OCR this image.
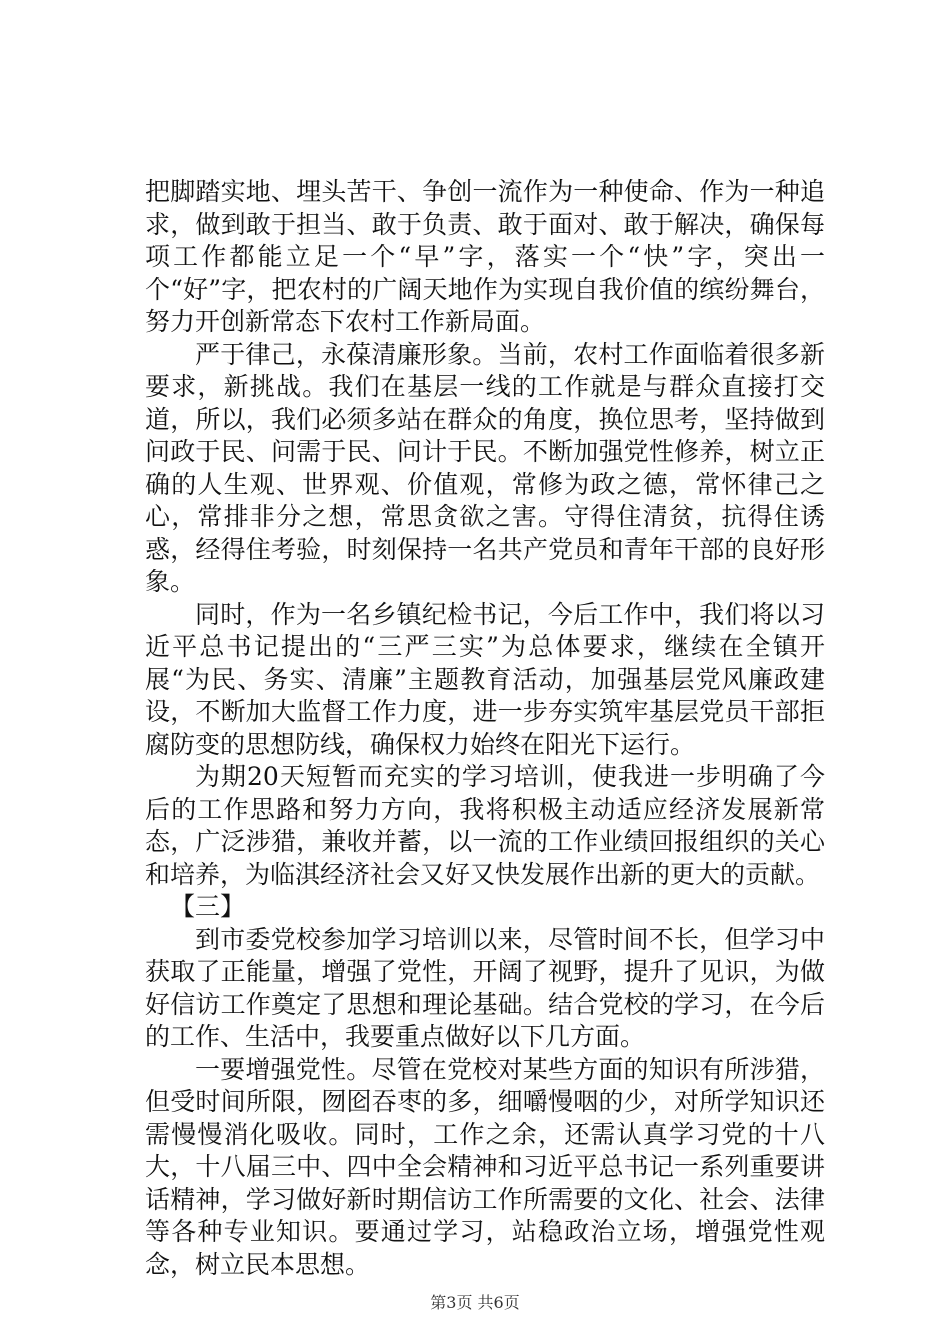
把脚踏实地、埋头苦干、争创一流作为一种使命、作为一种追求，做到敢于担当、敢于负责、敢于面对、敢于解决，确保每项工作都能立足一个“早”字，落实一个“快”字，突出一个“好”字，把农村的广阔天地作为实现自我价值的缤纷舞台，努力开创新常态下农村工作新局面。

严于律己，永葆清廉形象。当前，农村工作面临着很多新要求，新挑战。我们在基层一线的工作就是与群众直接打交道，所以，我们必须多站在群众的角度，换位思考，坚持做到问政于民、问需于民、问计于民。不断加强党性修养，树立正确的人生观、世界观、价值观，常修为政之德，常怀律己之心，常排非分之想，常思贪欲之害。守得住清贫，抗得住诱惑，经得住考验，时刻保持一名共产党员和青年干部的良好形象。

同时，作为一名乡镇纪检书记，今后工作中，我们将以习近平总书记提出的“三严三实”为总体要求，继续在全镇开展“为民、务实、清廉”主题教育活动，加强基层党风廉政建设，不断加大监督工作力度，进一步夯实筑牢基层党员干部拒腐防变的思想防线，确保权力始终在阳光下运行。

为期20天短暂而充实的学习培训，使我进一步明确了今后的工作思路和努力方向，我将积极主动适应经济发展新常态，广泛涉猎，兼收并蓄，以一流的工作业绩回报组织的关心和培养，为临淇经济社会又好又快发展作出新的更大的贡献。

【三】

到市委党校参加学习培训以来，尽管时间不长，但学习中获取了正能量，增强了党性，开阔了视野，提升了见识，为做好信访工作奠定了思想和理论基础。结合党校的学习，在今后的工作、生活中，我要重点做好以下几方面。

一要增强党性。尽管在党校对某些方面的知识有所涉猎，但受时间所限，囫囵吞枣的多，细嚼慢咽的少，对所学知识还需慢慢消化吸收。同时，工作之余，还需认真学习党的十八大，十八届三中、四中全会精神和习近平总书记一系列重要讲话精神，学习做好新时期信访工作所需要的文化、社会、法律等各种专业知识。要通过学习，站稳政治立场，增强党性观念，树立民本思想。

第3页 共6页
